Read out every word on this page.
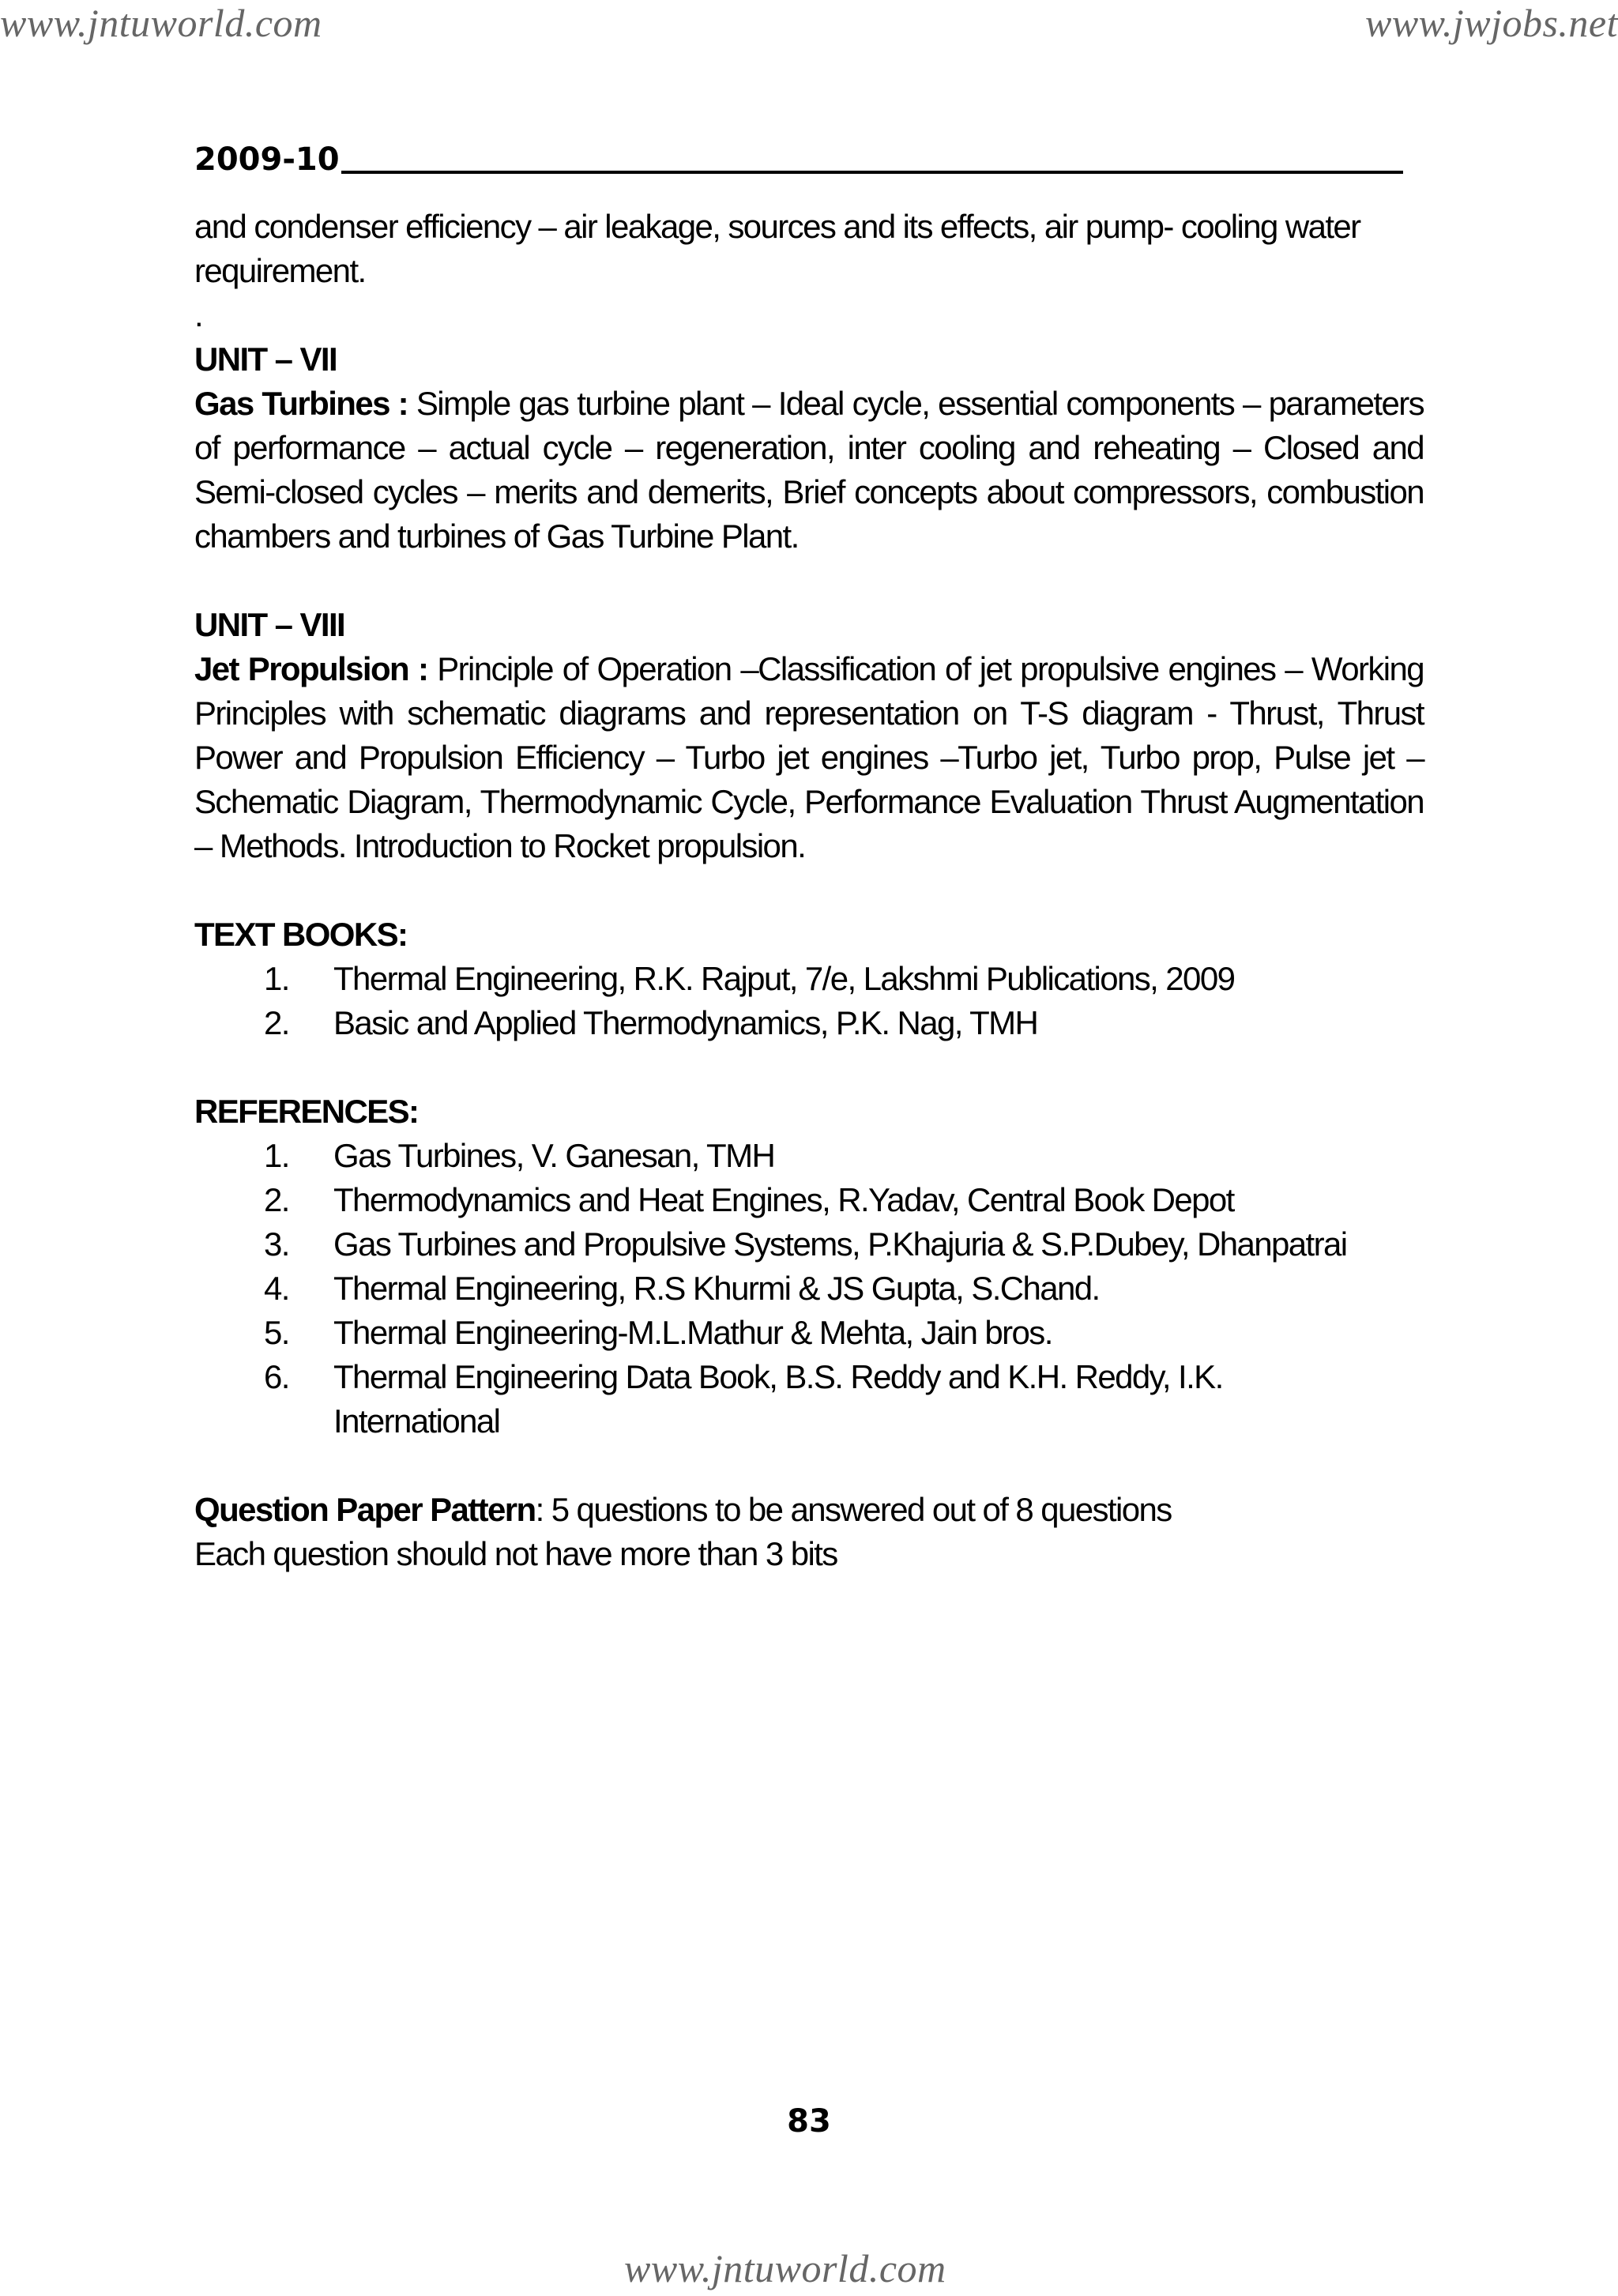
www.jntuworld.com	www.jwjobs.net
2009-10

and condenser efficiency – air leakage, sources and its effects, air pump- cooling water requirement.

.

UNIT – VII

Gas Turbines : Simple gas turbine plant – Ideal cycle, essential components – parameters of performance – actual cycle – regeneration, inter cooling and reheating – Closed and Semi-closed cycles – merits and demerits, Brief concepts about compressors, combustion chambers and turbines of Gas Turbine Plant.

UNIT – VIII

Jet Propulsion : Principle of Operation –Classification of jet propulsive engines – Working Principles with schematic diagrams and representation on T-S diagram - Thrust, Thrust Power and Propulsion Efficiency – Turbo jet engines –Turbo jet, Turbo prop, Pulse jet – Schematic Diagram, Thermodynamic Cycle, Performance Evaluation Thrust Augmentation – Methods. Introduction to Rocket propulsion.

TEXT BOOKS:

1.	Thermal Engineering, R.K. Rajput, 7/e, Lakshmi Publications, 2009
2.	Basic and Applied Thermodynamics, P.K. Nag, TMH

REFERENCES:

1.	Gas Turbines, V. Ganesan, TMH
2.	Thermodynamics and Heat Engines, R.Yadav, Central Book Depot
3.	Gas Turbines and Propulsive Systems, P.Khajuria & S.P.Dubey, Dhanpatrai
4.	Thermal Engineering, R.S Khurmi & JS Gupta, S.Chand.
5.	Thermal Engineering-M.L.Mathur & Mehta, Jain bros.
6.	Thermal Engineering Data Book, B.S. Reddy and K.H. Reddy, I.K. International

Question Paper Pattern: 5 questions to be answered out of 8 questions

Each question should not have more than 3 bits

83
www.jntuworld.com
